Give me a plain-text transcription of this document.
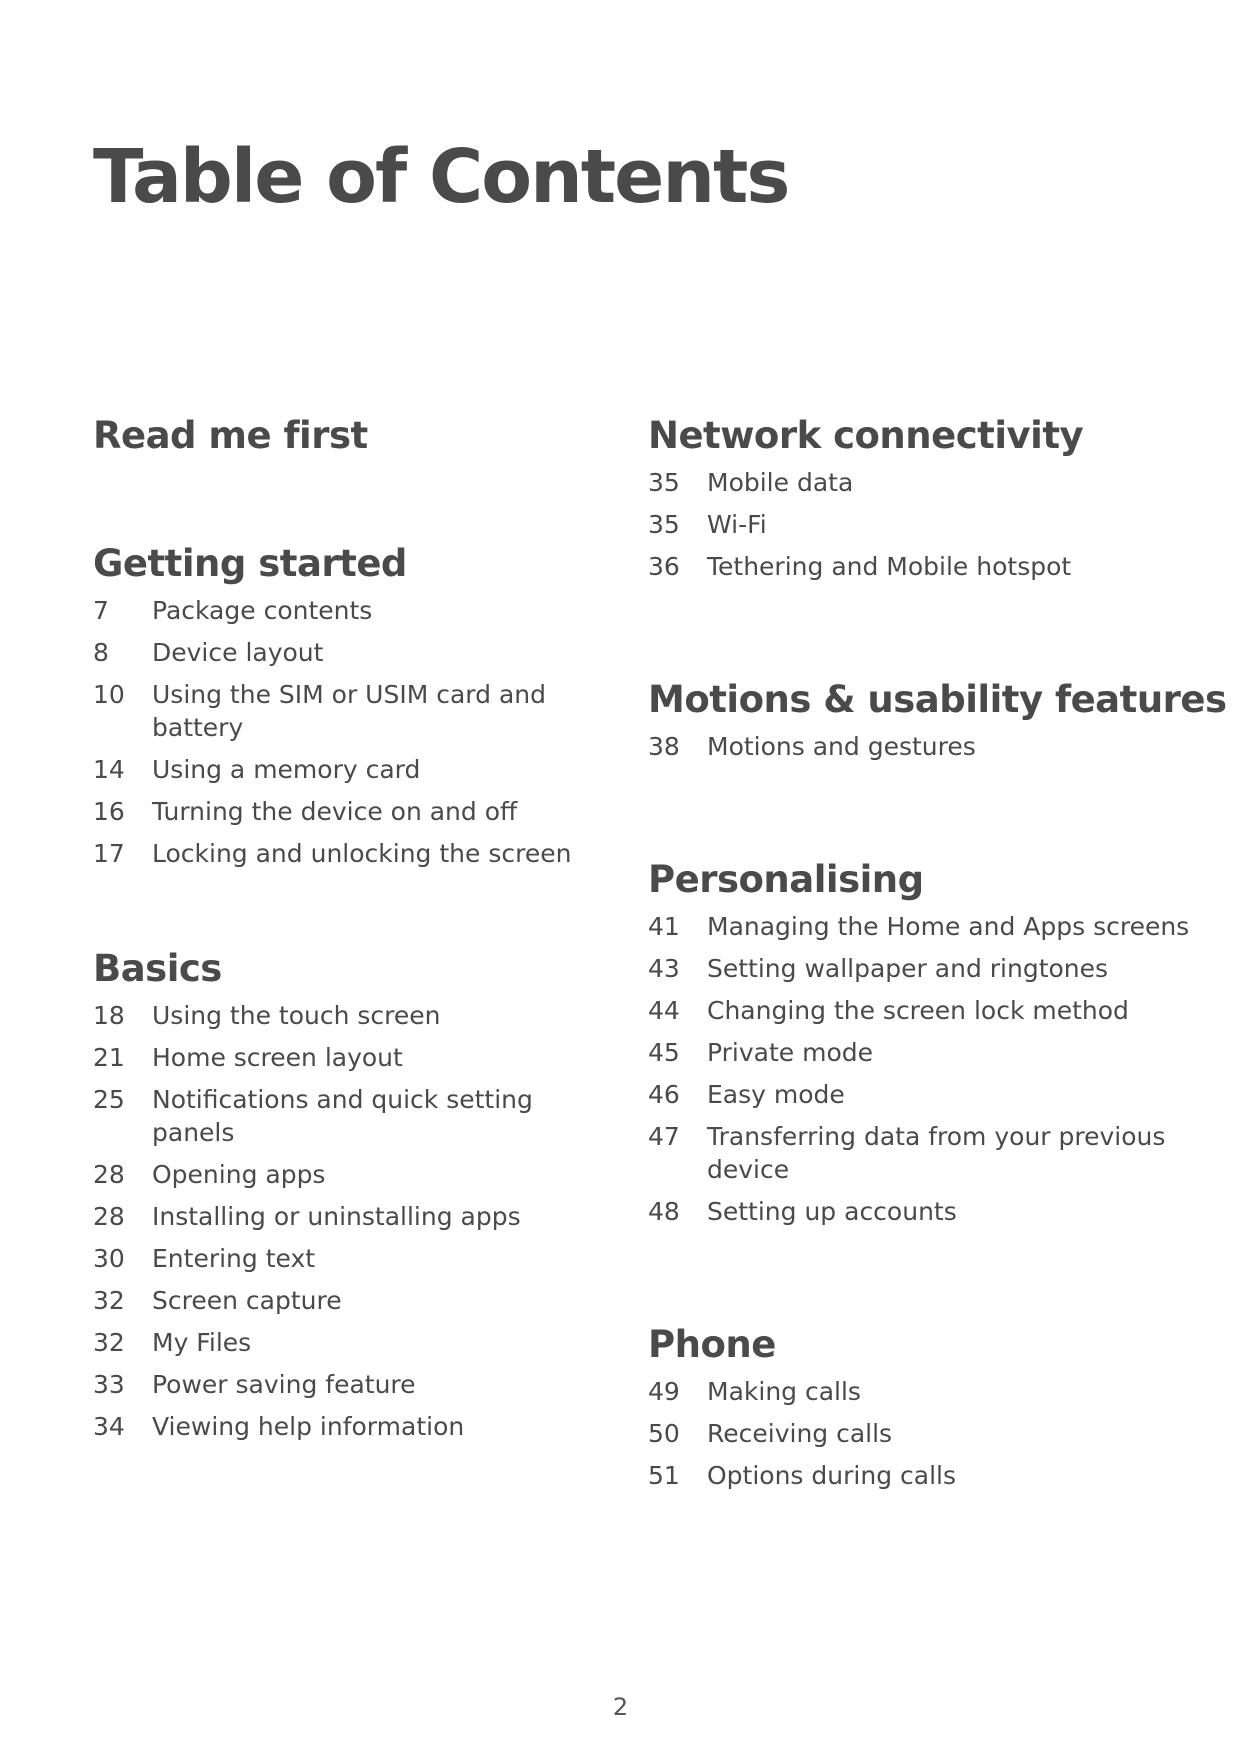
Table of Contents
Read me first
Getting started
7	Package contents
8	Device layout
10	Using the SIM or USIM card and battery
14	Using a memory card
16	Turning the device on and off
17	Locking and unlocking the screen
Basics
18	Using the touch screen
21	Home screen layout
25	Notifications and quick setting panels
28	Opening apps
28	Installing or uninstalling apps
30	Entering text
32	Screen capture
32	My Files
33	Power saving feature
34	Viewing help information
Network connectivity
35	Mobile data
35	Wi-Fi
36	Tethering and Mobile hotspot
Motions & usability features
38	Motions and gestures
Personalising
41	Managing the Home and Apps screens
43	Setting wallpaper and ringtones
44	Changing the screen lock method
45	Private mode
46	Easy mode
47	Transferring data from your previous device
48	Setting up accounts
Phone
49	Making calls
50	Receiving calls
51	Options during calls
2
